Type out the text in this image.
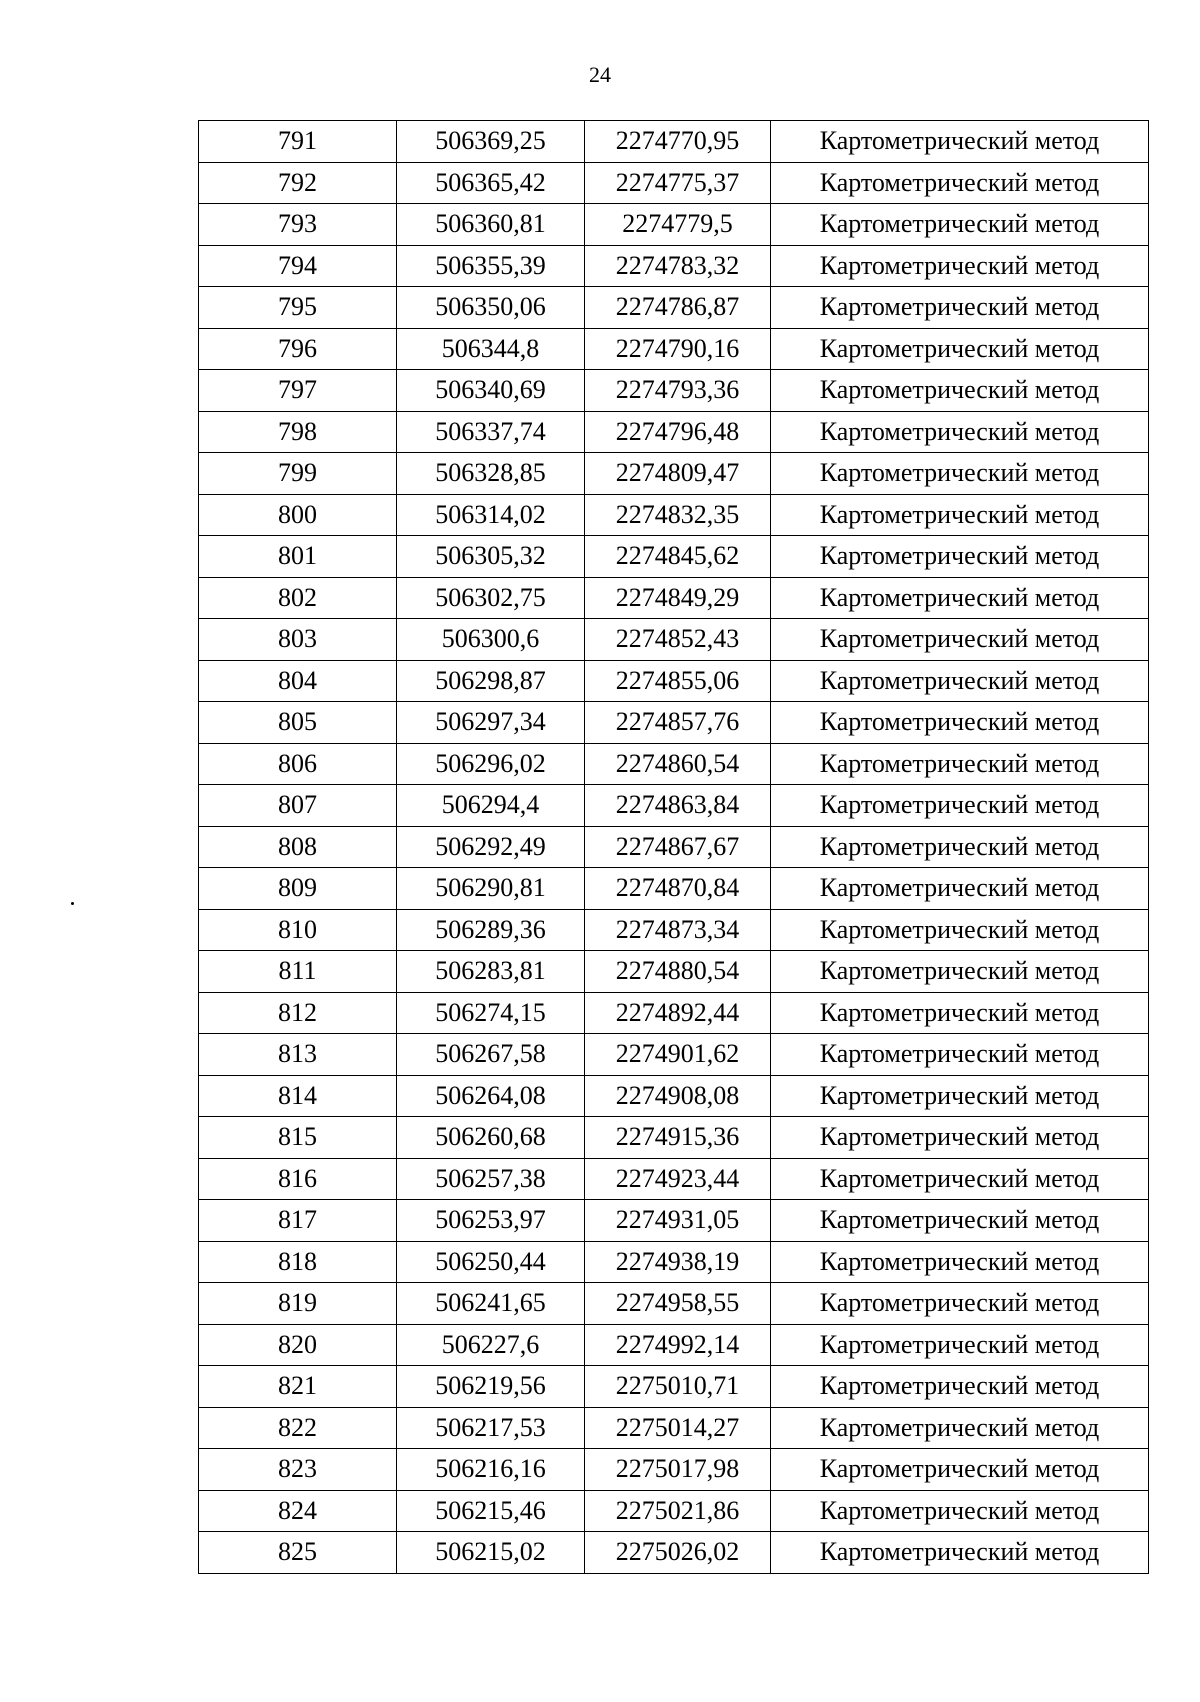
24
791	506369,25	2274770,95	Картометрический метод
792	506365,42	2274775,37	Картометрический метод
793	506360,81	2274779,5	Картометрический метод
794	506355,39	2274783,32	Картометрический метод
795	506350,06	2274786,87	Картометрический метод
796	506344,8	2274790,16	Картометрический метод
797	506340,69	2274793,36	Картометрический метод
798	506337,74	2274796,48	Картометрический метод
799	506328,85	2274809,47	Картометрический метод
800	506314,02	2274832,35	Картометрический метод
801	506305,32	2274845,62	Картометрический метод
802	506302,75	2274849,29	Картометрический метод
803	506300,6	2274852,43	Картометрический метод
804	506298,87	2274855,06	Картометрический метод
805	506297,34	2274857,76	Картометрический метод
806	506296,02	2274860,54	Картометрический метод
807	506294,4	2274863,84	Картометрический метод
808	506292,49	2274867,67	Картометрический метод
809	506290,81	2274870,84	Картометрический метод
810	506289,36	2274873,34	Картометрический метод
811	506283,81	2274880,54	Картометрический метод
812	506274,15	2274892,44	Картометрический метод
813	506267,58	2274901,62	Картометрический метод
814	506264,08	2274908,08	Картометрический метод
815	506260,68	2274915,36	Картометрический метод
816	506257,38	2274923,44	Картометрический метод
817	506253,97	2274931,05	Картометрический метод
818	506250,44	2274938,19	Картометрический метод
819	506241,65	2274958,55	Картометрический метод
820	506227,6	2274992,14	Картометрический метод
821	506219,56	2275010,71	Картометрический метод
822	506217,53	2275014,27	Картометрический метод
823	506216,16	2275017,98	Картометрический метод
824	506215,46	2275021,86	Картометрический метод
825	506215,02	2275026,02	Картометрический метод
